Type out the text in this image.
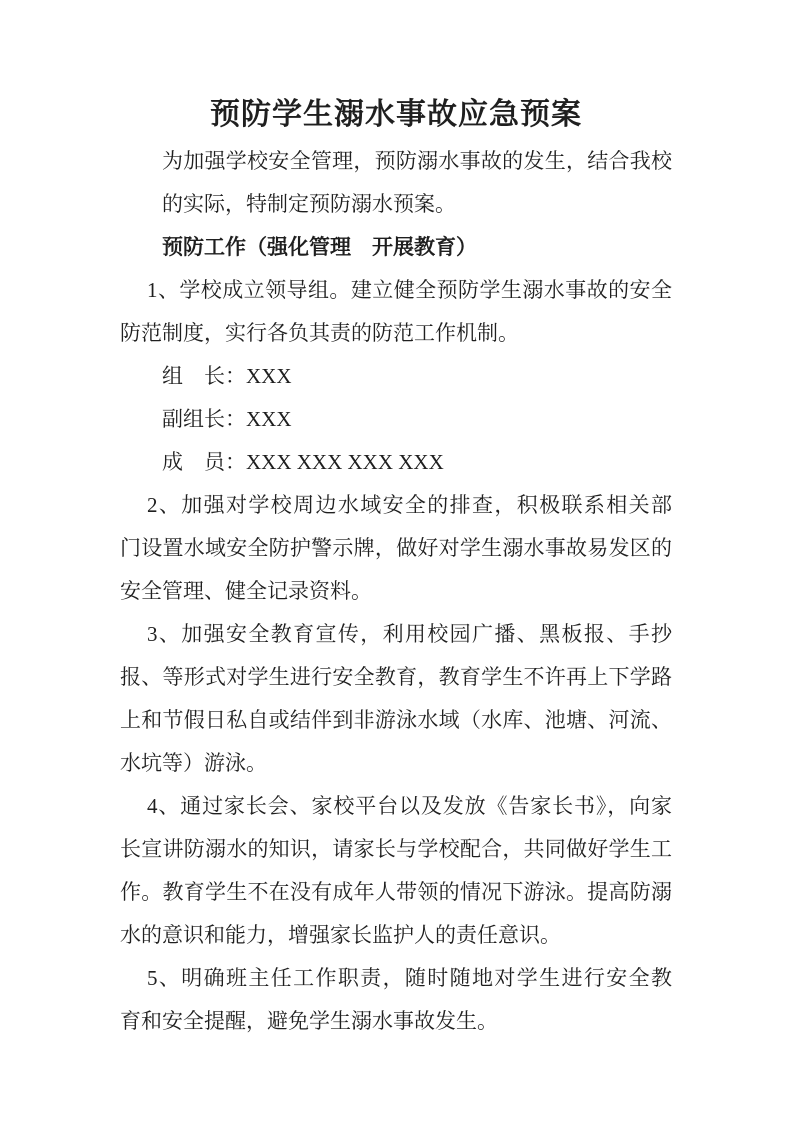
预防学生溺水事故应急预案
为加强学校安全管理，预防溺水事故的发生，结合我校
的实际，特制定预防溺水预案。
预防工作（强化管理　开展教育）
1、学校成立领导组。建立健全预防学生溺水事故的安全
防范制度，实行各负其责的防范工作机制。
组　长：XXX
副组长：XXX
成　员：XXX XXX XXX XXX
2、加强对学校周边水域安全的排查，积极联系相关部
门设置水域安全防护警示牌，做好对学生溺水事故易发区的
安全管理、健全记录资料。
3、加强安全教育宣传，利用校园广播、黑板报、手抄
报、等形式对学生进行安全教育，教育学生不许再上下学路
上和节假日私自或结伴到非游泳水域（水库、池塘、河流、
水坑等）游泳。
4、通过家长会、家校平台以及发放《告家长书》，向家
长宣讲防溺水的知识，请家长与学校配合，共同做好学生工
作。教育学生不在没有成年人带领的情况下游泳。提高防溺
水的意识和能力，增强家长监护人的责任意识。
5、明确班主任工作职责，随时随地对学生进行安全教
育和安全提醒，避免学生溺水事故发生。
